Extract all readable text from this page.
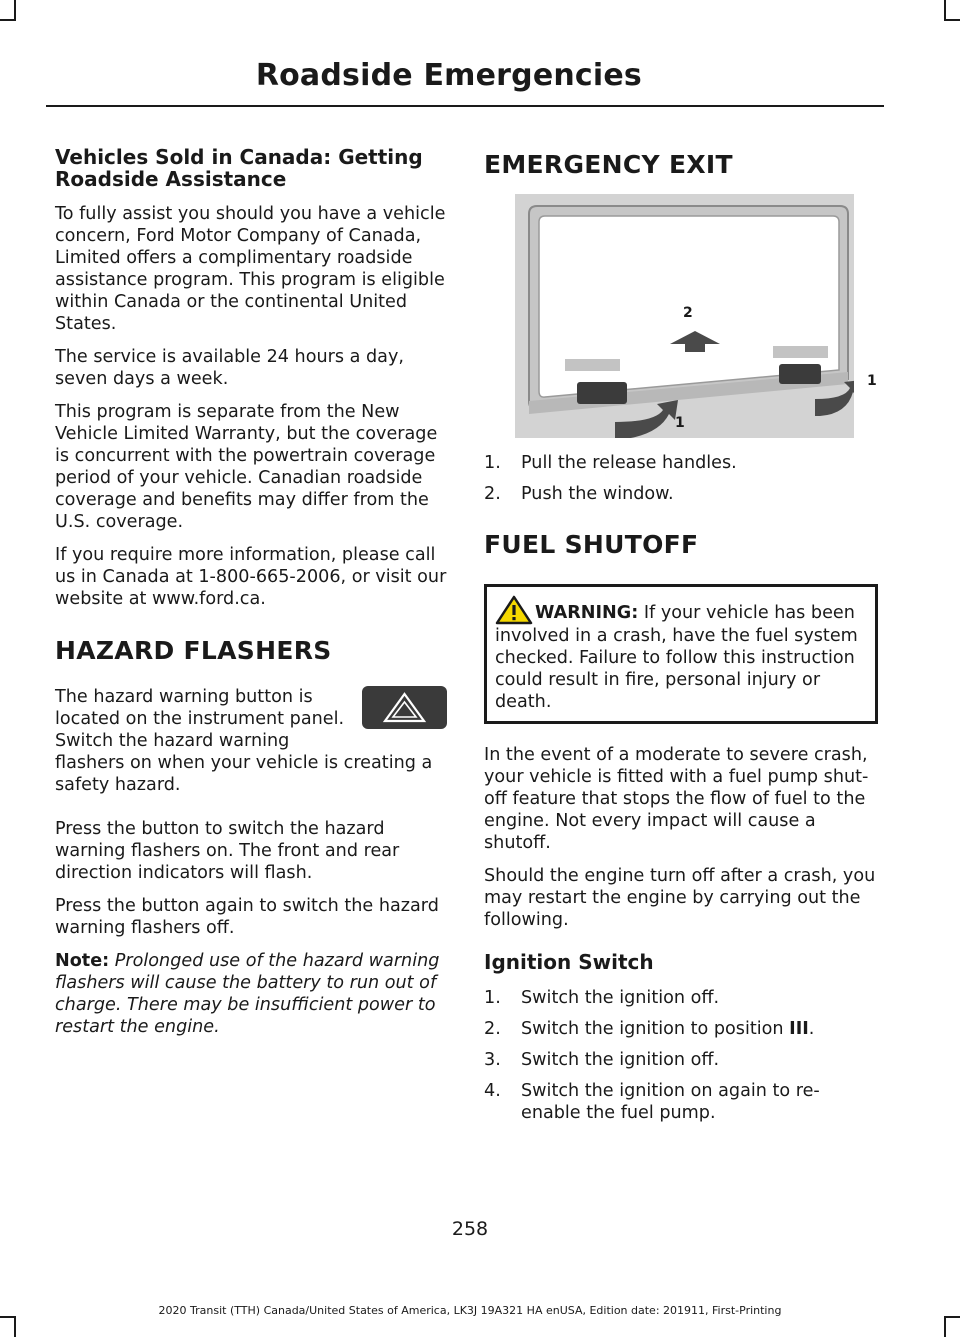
Roadside Emergencies
Vehicles Sold in Canada: Getting Roadside Assistance

To fully assist you should you have a vehicle concern, Ford Motor Company of Canada, Limited offers a complimentary roadside assistance program. This program is eligible within Canada or the continental United States.

The service is available 24 hours a day, seven days a week.

This program is separate from the New Vehicle Limited Warranty, but the coverage is concurrent with the powertrain coverage period of your vehicle. Canadian roadside coverage and benefits may differ from the U.S. coverage.

If you require more information, please call us in Canada at 1-800-665-2006, or visit our website at www.ford.ca.

HAZARD FLASHERS

The hazard warning button is located on the instrument panel. Switch the hazard warning flashers on when your vehicle is creating a safety hazard.

Press the button to switch the hazard warning flashers on. The front and rear direction indicators will flash.

Press the button again to switch the hazard warning flashers off.

Note: Prolonged use of the hazard warning flashers will cause the battery to run out of charge. There may be insufficient power to restart the engine.

EMERGENCY EXIT
2
1
1
1. Pull the release handles.
2. Push the window.
FUEL SHUTOFF
WARNING: If your vehicle has been involved in a crash, have the fuel system checked. Failure to follow this instruction could result in fire, personal injury or death.

In the event of a moderate to severe crash, your vehicle is fitted with a fuel pump shut-off feature that stops the flow of fuel to the engine. Not every impact will cause a shutoff.

Should the engine turn off after a crash, you may restart the engine by carrying out the following.

Ignition Switch
1. Switch the ignition off.
2. Switch the ignition to position III.
3. Switch the ignition off.
4. Switch the ignition on again to re-enable the fuel pump.
258
2020 Transit (TTH) Canada/United States of America, LK3J 19A321 HA enUSA, Edition date: 201911, First-Printing
